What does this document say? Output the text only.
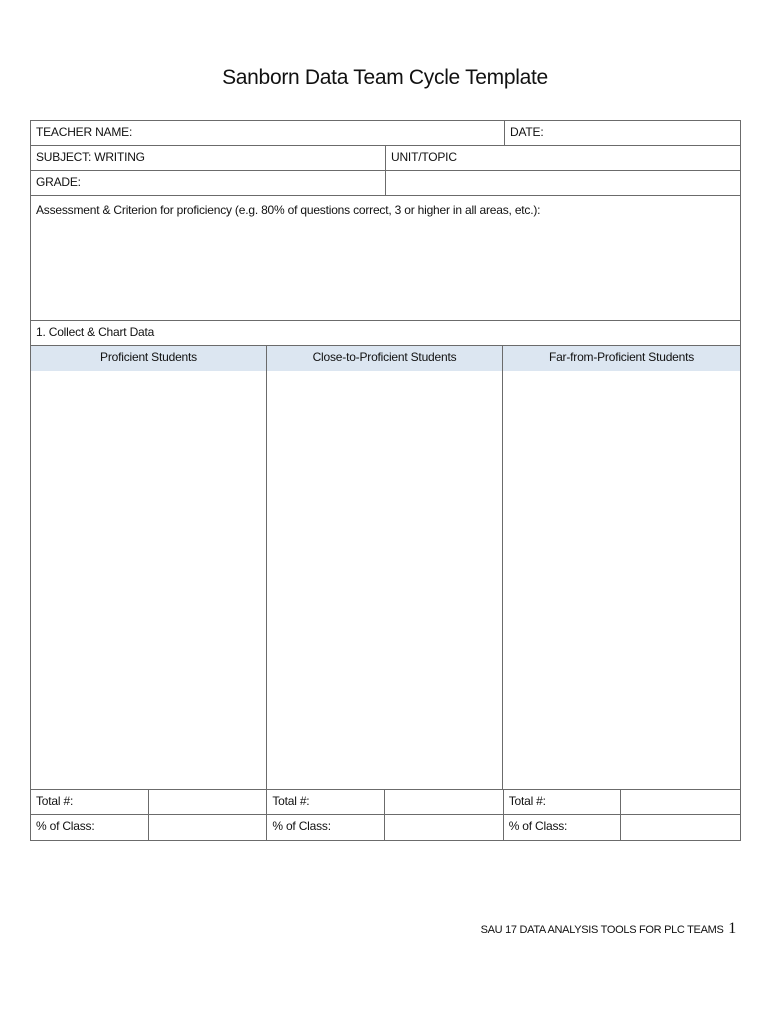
Sanborn Data Team Cycle Template
TEACHER NAME:	DATE:
SUBJECT: WRITING	UNIT/TOPIC
GRADE:
Assessment & Criterion for proficiency (e.g. 80% of questions correct, 3 or higher in all areas, etc.):
1. Collect & Chart Data
Proficient Students	Close-to-Proficient Students	Far-from-Proficient Students
Total #:	Total #:	Total #:
% of Class:	% of Class:	% of Class:
SAU 17 DATA ANALYSIS TOOLS FOR PLC TEAMS 1
